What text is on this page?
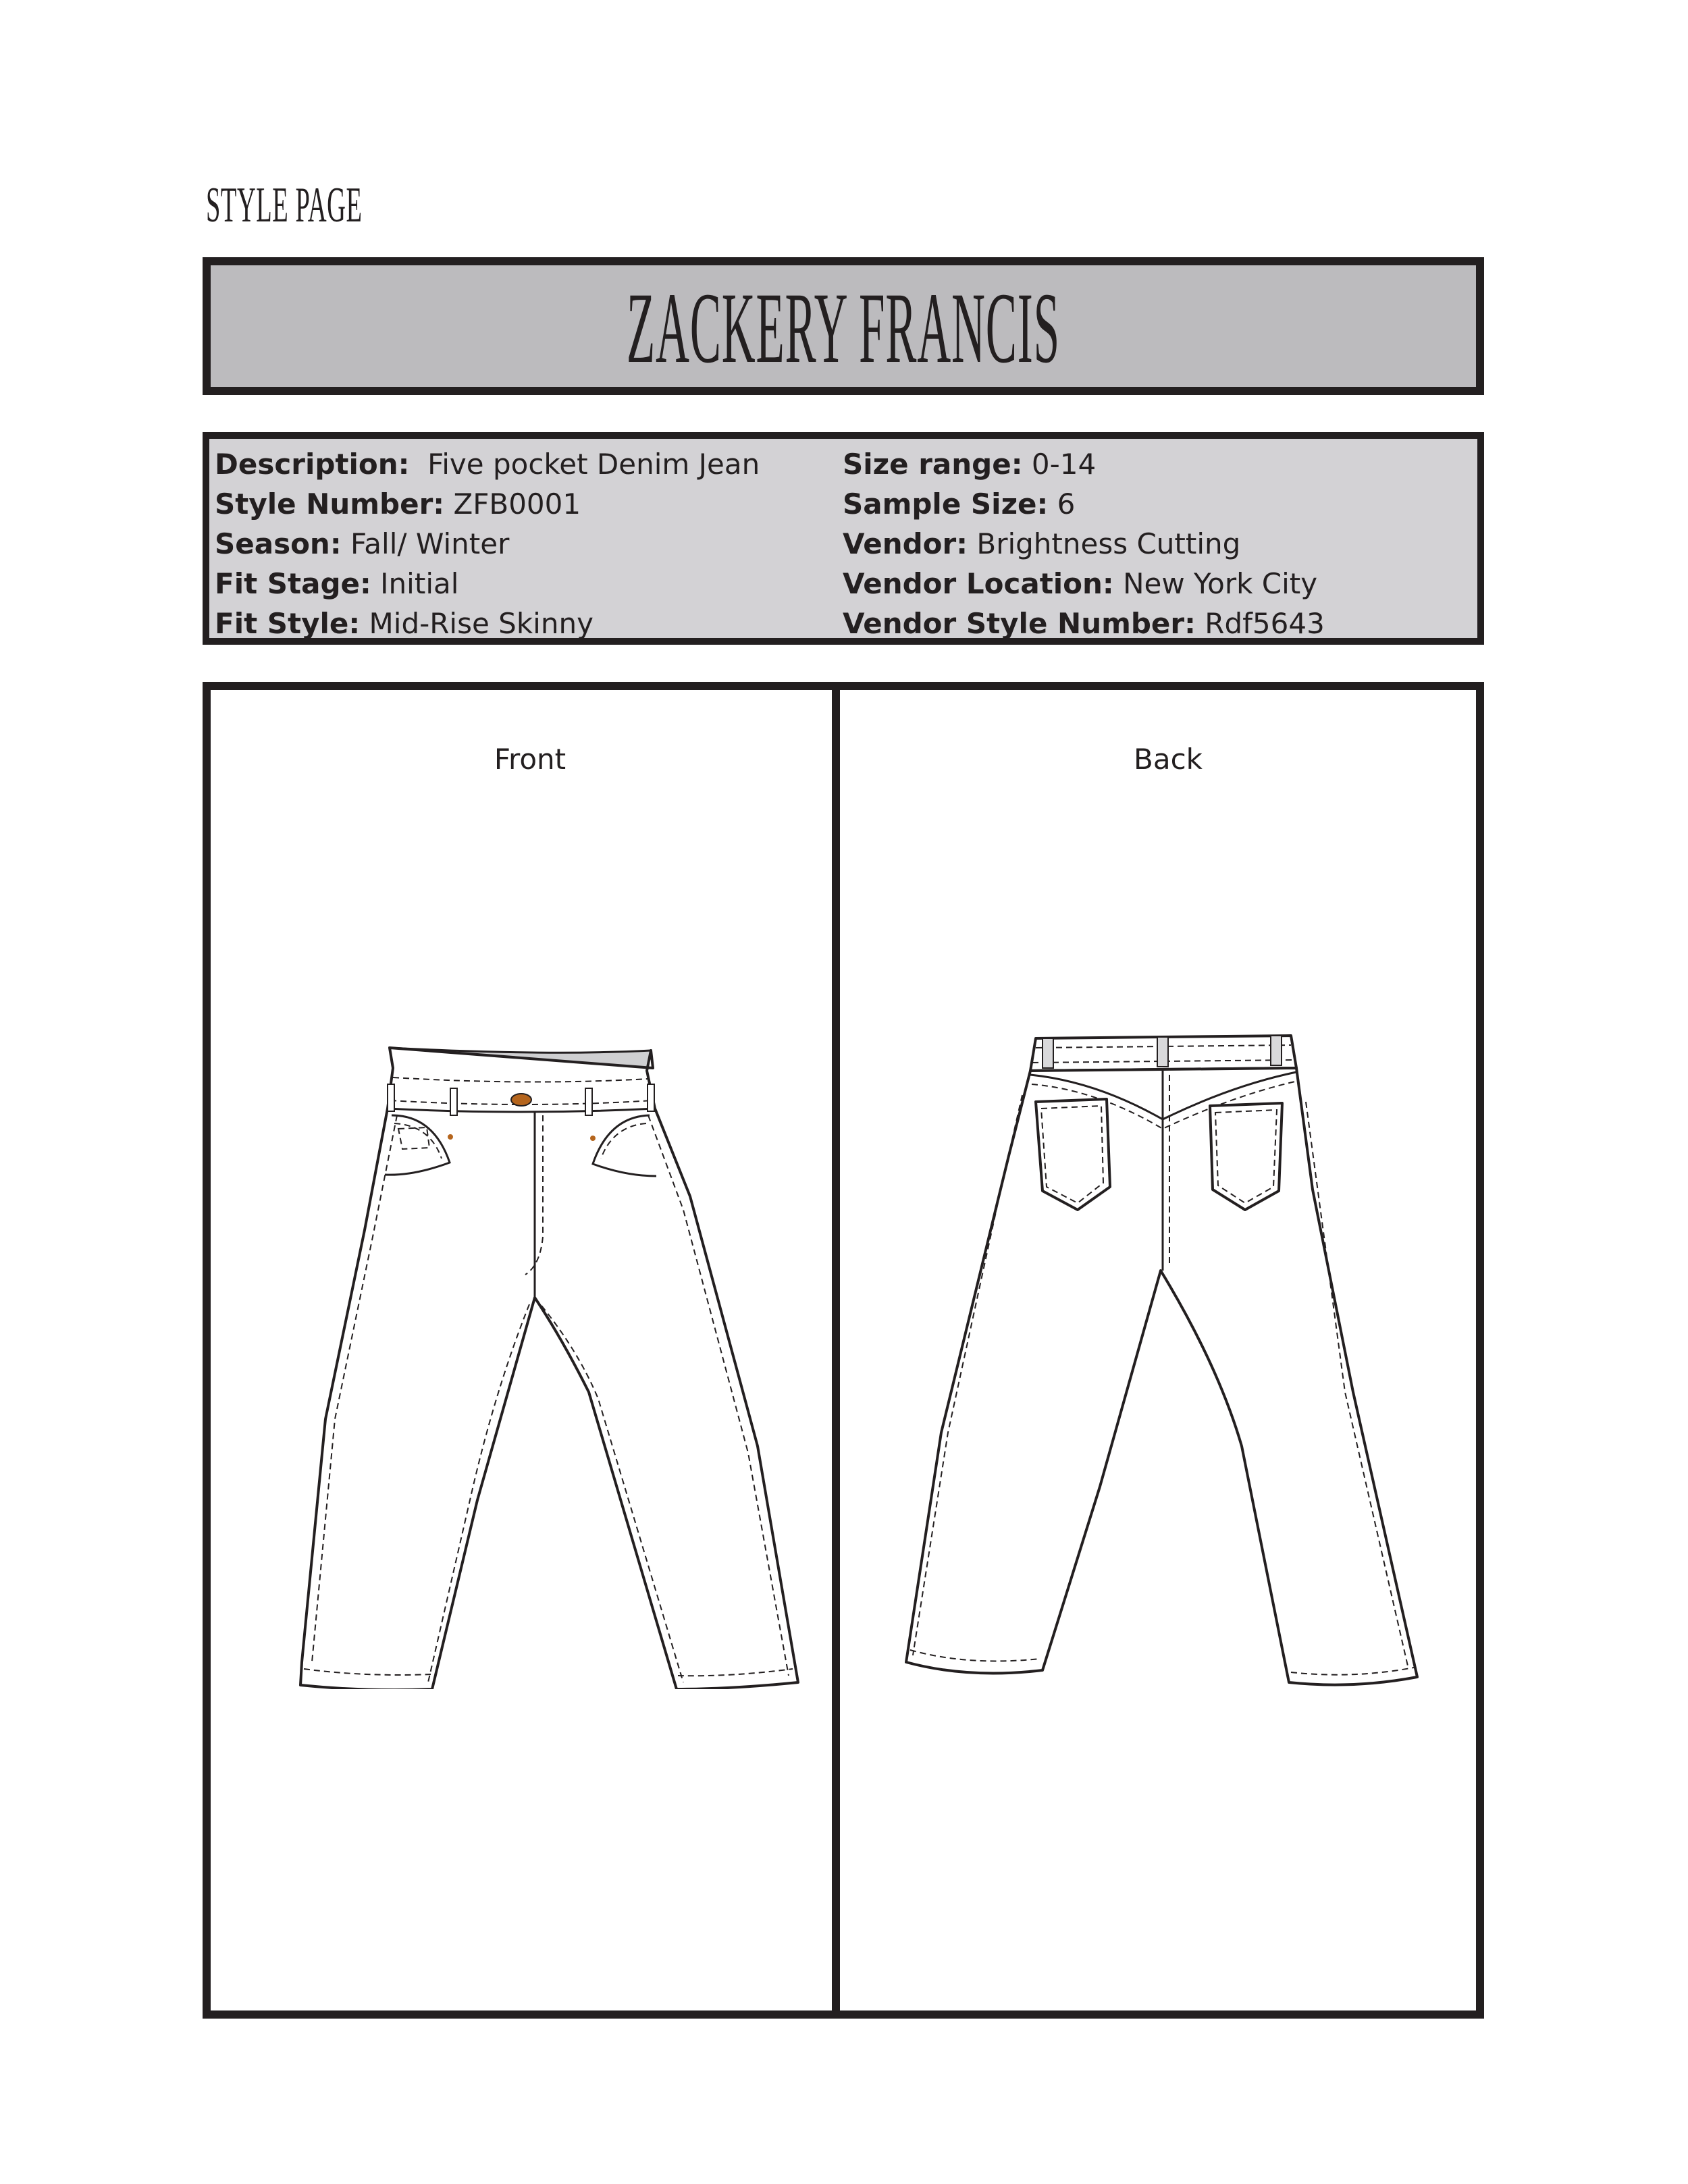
STYLE PAGE
ZACKERY FRANCIS
Description: Five pocket Denim Jean
Style Number: ZFB0001
Season: Fall/ Winter
Fit Stage: Initial
Fit Style: Mid-Rise Skinny
Size range: 0-14
Sample Size: 6
Vendor: Brightness Cutting
Vendor Location: New York City
Vendor Style Number: Rdf5643
Front	Back
